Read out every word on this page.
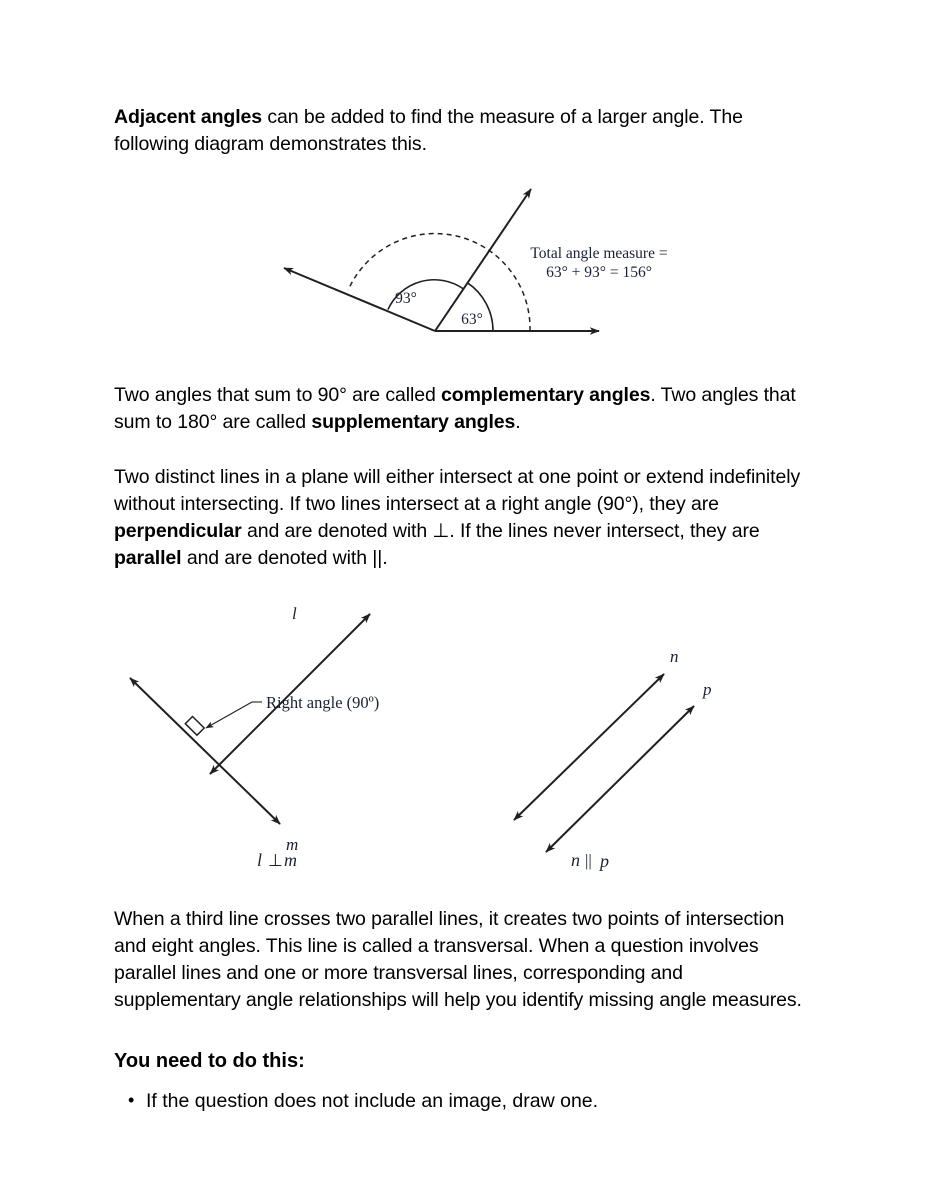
Adjacent angles can be added to find the measure of a larger angle. The following diagram demonstrates this.

93°
63°
Total angle measure =
63° + 93° = 156°

Two angles that sum to 90° are called complementary angles. Two angles that sum to 180° are called supplementary angles.

Two distinct lines in a plane will either intersect at one point or extend indefinitely without intersecting. If two lines intersect at a right angle (90°), they are perpendicular and are denoted with ⊥. If the lines never intersect, they are parallel and are denoted with ||.

l
m
Right angle (90º)
n
p
l ⊥ m	n || p

When a third line crosses two parallel lines, it creates two points of intersection and eight angles. This line is called a transversal. When a question involves parallel lines and one or more transversal lines, corresponding and supplementary angle relationships will help you identify missing angle measures.

You need to do this:
• If the question does not include an image, draw one.
